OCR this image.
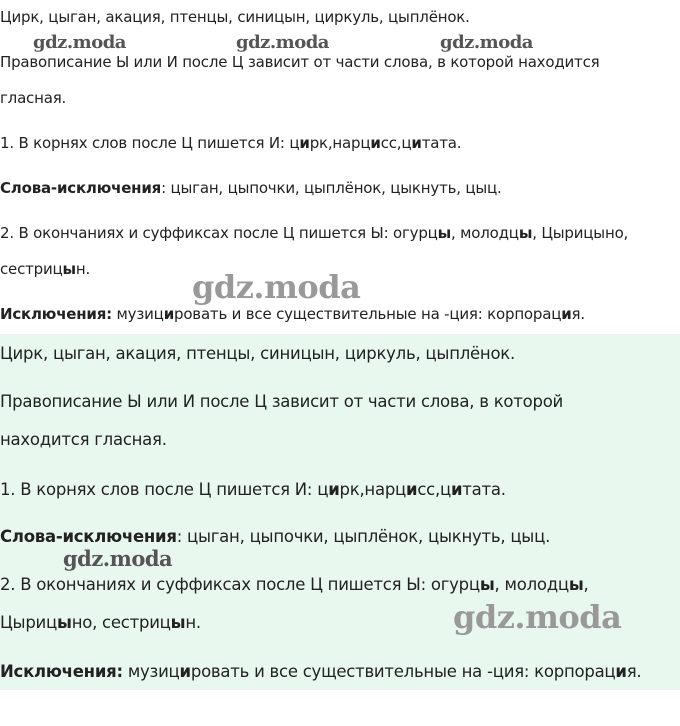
Цирк, цыган, акация, птенцы, синицын, циркуль, цыплёнок.
Правописание Ы или И после Ц зависит от части слова, в которой находится
гласная.
1. В корнях слов после Ц пишется И: цирк,нарцисс,цитата.
Слова-исключения: цыган, цыпочки, цыплёнок, цыкнуть, цыц.
2. В окончаниях и суффиксах после Ц пишется Ы: огурцы, молодцы, Цырицыно,
сестрицын.
Исключения: музицировать и все существительные на -ция: корпорация.
Цирк, цыган, акация, птенцы, синицын, циркуль, цыплёнок.
Правописание Ы или И после Ц зависит от части слова, в которой
находится гласная.
1. В корнях слов после Ц пишется И: цирк,нарцисс,цитата.
Слова-исключения: цыган, цыпочки, цыплёнок, цыкнуть, цыц.
2. В окончаниях и суффиксах после Ц пишется Ы: огурцы, молодцы,
Цырицыно, сестрицын.
Исключения: музицировать и все существительные на -ция: корпорация.
gdz.moda	gdz.moda	gdz.moda
gdz.moda
gdz.moda
gdz.moda
